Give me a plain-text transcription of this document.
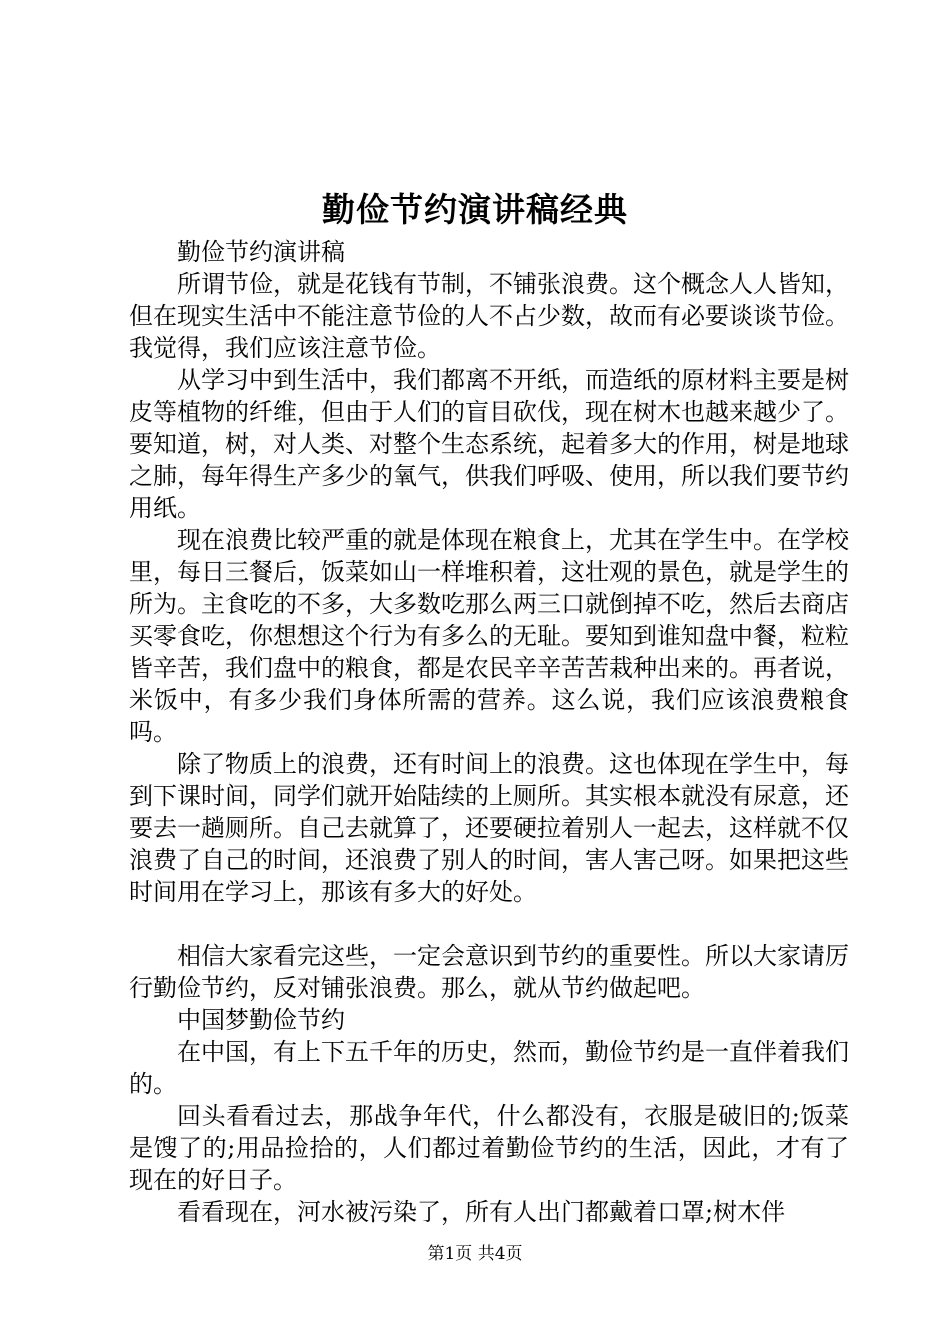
勤俭节约演讲稿经典

勤俭节约演讲稿

所谓节俭，就是花钱有节制，不铺张浪费。这个概念人人皆知，但在现实生活中不能注意节俭的人不占少数，故而有必要谈谈节俭。我觉得，我们应该注意节俭。

从学习中到生活中，我们都离不开纸，而造纸的原材料主要是树皮等植物的纤维，但由于人们的盲目砍伐，现在树木也越来越少了。要知道，树，对人类、对整个生态系统，起着多大的作用，树是地球之肺，每年得生产多少的氧气，供我们呼吸、使用，所以我们要节约用纸。

现在浪费比较严重的就是体现在粮食上，尤其在学生中。在学校里，每日三餐后，饭菜如山一样堆积着，这壮观的景色，就是学生的所为。主食吃的不多，大多数吃那么两三口就倒掉不吃，然后去商店买零食吃，你想想这个行为有多么的无耻。要知到谁知盘中餐，粒粒皆辛苦，我们盘中的粮食，都是农民辛辛苦苦栽种出来的。再者说，米饭中，有多少我们身体所需的营养。这么说，我们应该浪费粮食吗。

除了物质上的浪费，还有时间上的浪费。这也体现在学生中，每到下课时间，同学们就开始陆续的上厕所。其实根本就没有尿意，还要去一趟厕所。自己去就算了，还要硬拉着别人一起去，这样就不仅浪费了自己的时间，还浪费了别人的时间，害人害己呀。如果把这些时间用在学习上，那该有多大的好处。

相信大家看完这些，一定会意识到节约的重要性。所以大家请厉行勤俭节约，反对铺张浪费。那么，就从节约做起吧。

中国梦勤俭节约

在中国，有上下五千年的历史，然而，勤俭节约是一直伴着我们的。

回头看看过去，那战争年代，什么都没有，衣服是破旧的;饭菜是馊了的;用品捡拾的，人们都过着勤俭节约的生活，因此，才有了现在的好日子。

看看现在，河水被污染了，所有人出门都戴着口罩;树木伴

第1页 共4页
